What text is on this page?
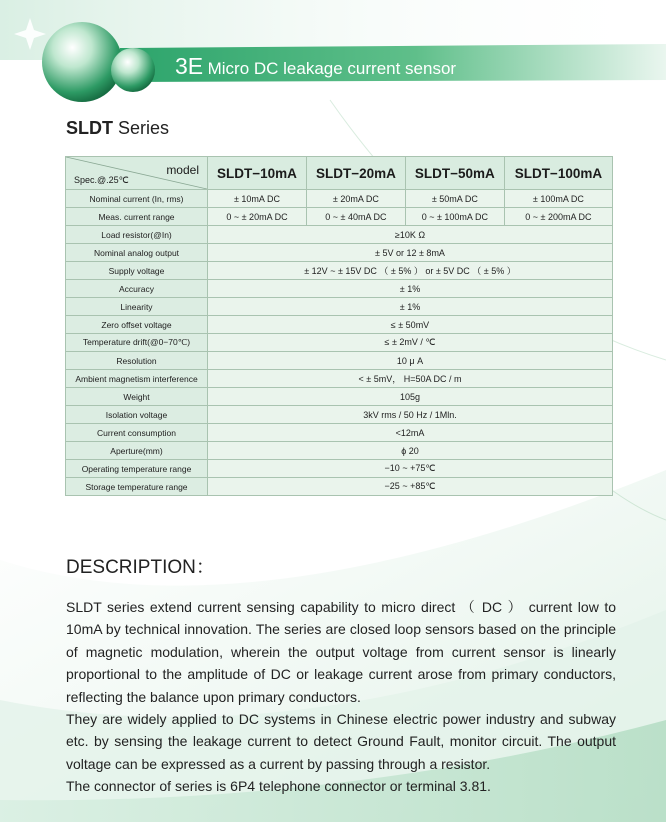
3E Micro DC leakage current sensor
SLDT Series
model
Spec.@.25℃	SLDT−10mA	SLDT−20mA	SLDT−50mA	SLDT−100mA
Nominal current (In, rms)	± 10mA DC	± 20mA DC	± 50mA DC	± 100mA DC
Meas. current range	0 ~ ± 20mA DC	0 ~ ± 40mA DC	0 ~ ± 100mA DC	0 ~ ± 200mA DC
Load resistor(@In)	≥10K Ω			
Nominal analog output	± 5V or 12 ± 8mA			
Supply voltage	± 12V ~ ± 15V DC （ ± 5% ） or ± 5V DC （ ± 5% ）			
Accuracy	± 1%			
Linearity	± 1%			
Zero offset voltage	≤ ± 50mV			
Temperature drift(@0−70℃)	≤ ± 2mV / ℃			
Resolution	10 μ A			
Ambient magnetism interference	< ± 5mV， H=50A DC / m			
Weight	105g			
Isolation voltage	3kV rms / 50 Hz / 1Mln.			
Current consumption	<12mA			
Aperture(mm)	ϕ 20			
Operating temperature range	−10 ~ +75℃			
Storage temperature range	−25 ~ +85℃			
DESCRIPTION：

SLDT series extend current sensing capability to micro direct （ DC ） current low to 10mA by technical innovation. The series are closed loop sensors based on the principle of magnetic modulation, wherein the output voltage from current sensor is linearly proportional to the amplitude of DC or leakage current arose from primary conductors, reflecting the balance upon primary conductors.

They are widely applied to DC systems in Chinese electric power industry and subway etc. by sensing the leakage current to detect Ground Fault, monitor circuit. The output voltage can be expressed as a current by passing through a resistor.

The connector of series is 6P4 telephone connector or terminal 3.81.
